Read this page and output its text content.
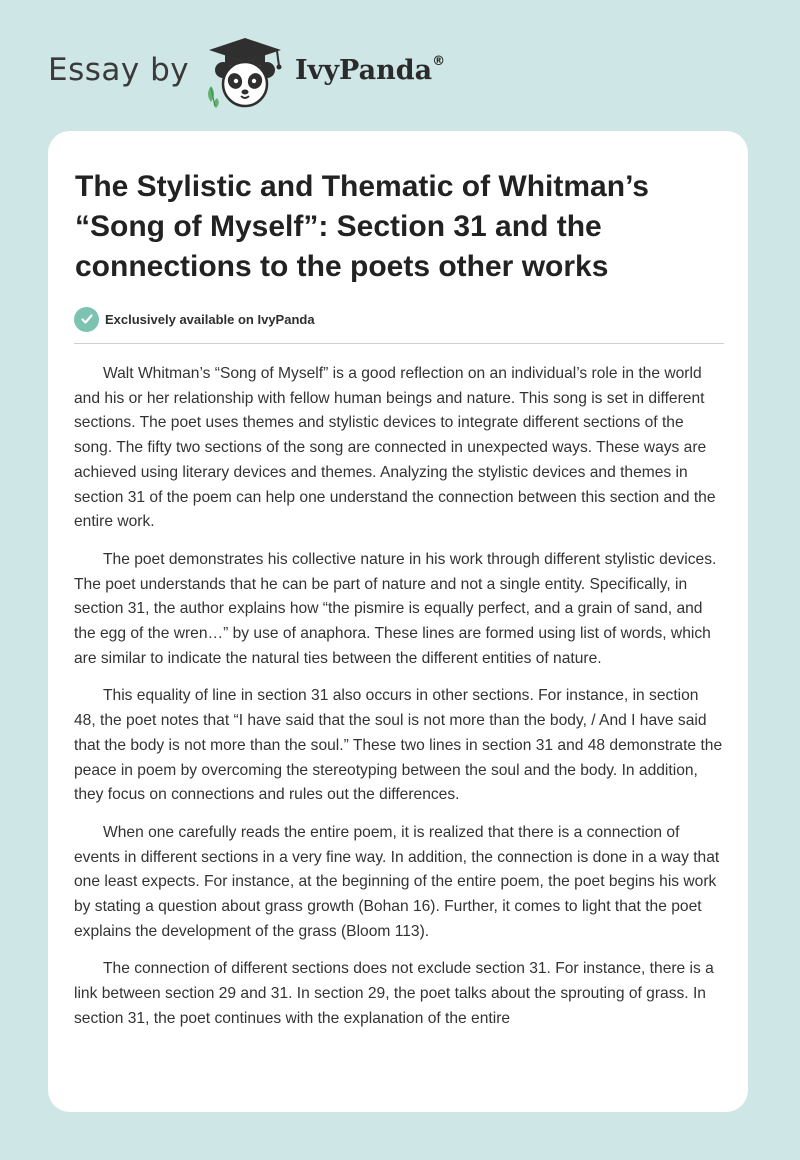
Essay by	IvyPanda®
The Stylistic and Thematic of Whitman’s “Song of Myself”: Section 31 and the connections to the poets other works
Exclusively available on IvyPanda

Walt Whitman’s “Song of Myself” is a good reflection on an individual’s role in the world and his or her relationship with fellow human beings and nature. This song is set in different sections. The poet uses themes and stylistic devices to integrate different sections of the song. The fifty two sections of the song are connected in unexpected ways. These ways are achieved using literary devices and themes. Analyzing the stylistic devices and themes in section 31 of the poem can help one understand the connection between this section and the entire work.

The poet demonstrates his collective nature in his work through different stylistic devices. The poet understands that he can be part of nature and not a single entity. Specifically, in section 31, the author explains how “the pismire is equally perfect, and a grain of sand, and the egg of the wren…” by use of anaphora. These lines are formed using list of words, which are similar to indicate the natural ties between the different entities of nature.

This equality of line in section 31 also occurs in other sections. For instance, in section 48, the poet notes that “I have said that the soul is not more than the body, / And I have said that the body is not more than the soul.” These two lines in section 31 and 48 demonstrate the peace in poem by overcoming the stereotyping between the soul and the body. In addition, they focus on connections and rules out the differences.

When one carefully reads the entire poem, it is realized that there is a connection of events in different sections in a very fine way. In addition, the connection is done in a way that one least expects. For instance, at the beginning of the entire poem, the poet begins his work by stating a question about grass growth (Bohan 16). Further, it comes to light that the poet explains the development of the grass (Bloom 113).

The connection of different sections does not exclude section 31. For instance, there is a link between section 29 and 31. In section 29, the poet talks about the sprouting of grass. In section 31, the poet continues with the explanation of the entire
